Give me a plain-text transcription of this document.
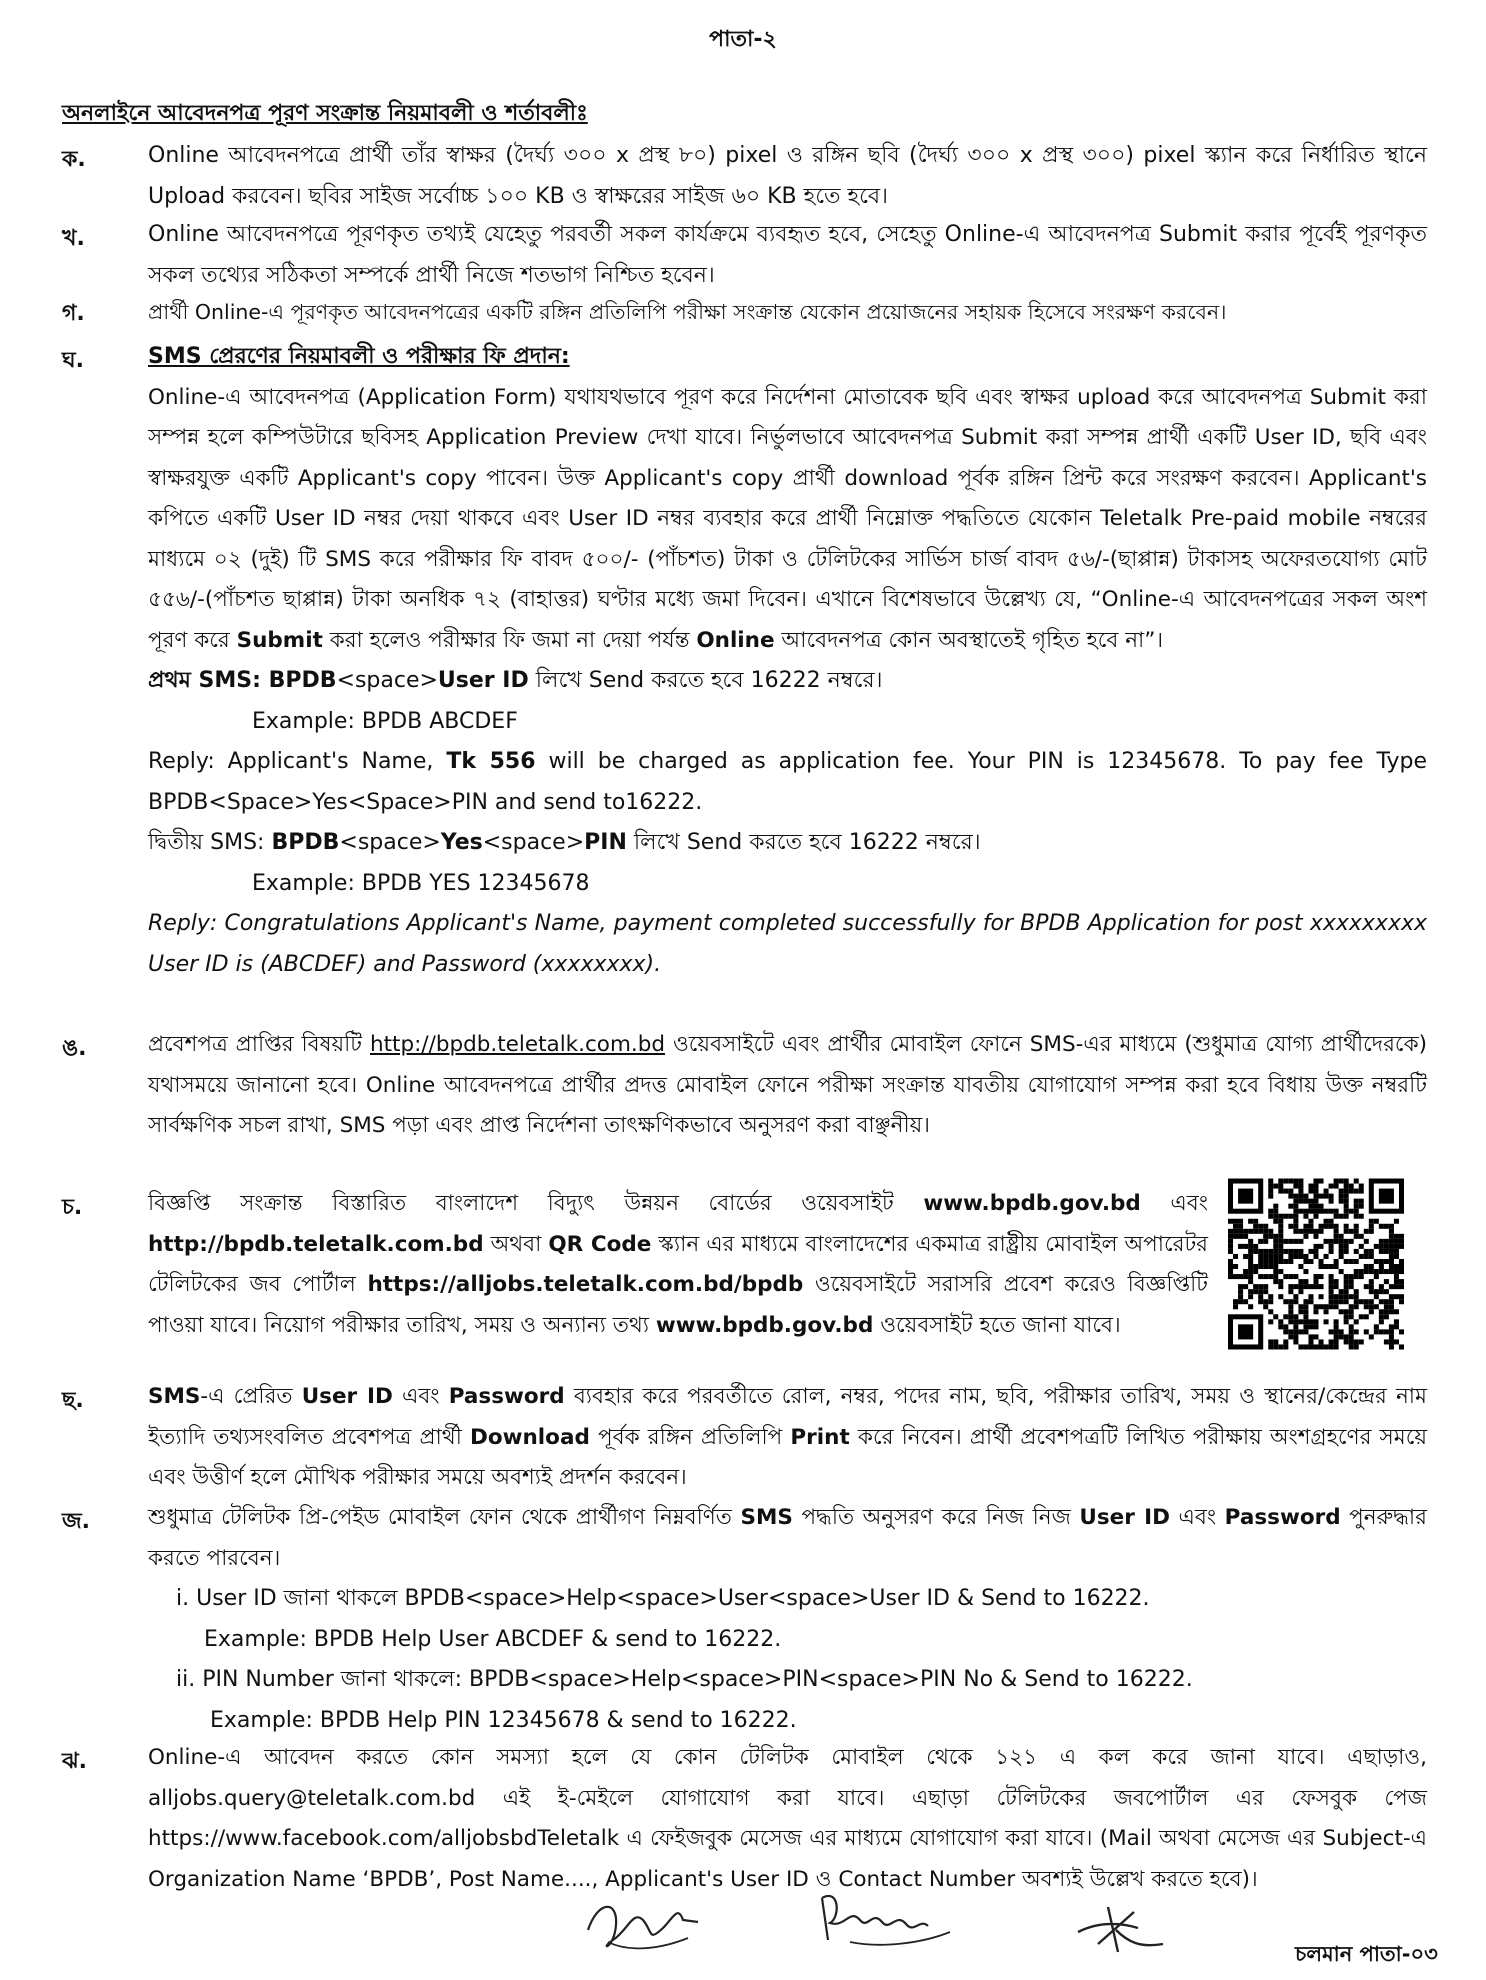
পাতা-২
অনলাইনে আবেদনপত্র পূরণ সংক্রান্ত নিয়মাবলী ও শর্তাবলীঃ
ক.	Online আবেদনপত্রে প্রার্থী তাঁর স্বাক্ষর (দৈর্ঘ্য ৩০০ x প্রস্থ ৮০) pixel ও রঙ্গিন ছবি (দৈর্ঘ্য ৩০০ x প্রস্থ ৩০০) pixel স্ক্যান করে নির্ধারিত স্থানে Upload করবেন। ছবির সাইজ সর্বোচ্চ ১০০ KB ও স্বাক্ষরের সাইজ ৬০ KB হতে হবে।

খ.	Online আবেদনপত্রে পূরণকৃত তথ্যই যেহেতু পরবর্তী সকল কার্যক্রমে ব্যবহৃত হবে, সেহেতু Online-এ আবেদনপত্র Submit করার পূর্বেই পূরণকৃত সকল তথ্যের সঠিকতা সম্পর্কে প্রার্থী নিজে শতভাগ নিশ্চিত হবেন।

গ.	প্রার্থী Online-এ পূরণকৃত আবেদনপত্রের একটি রঙ্গিন প্রতিলিপি পরীক্ষা সংক্রান্ত যেকোন প্রয়োজনের সহায়ক হিসেবে সংরক্ষণ করবেন।

ঘ.	SMS প্রেরণের নিয়মাবলী ও পরীক্ষার ফি প্রদান:

Online-এ আবেদনপত্র (Application Form) যথাযথভাবে পূরণ করে নির্দেশনা মোতাবেক ছবি এবং স্বাক্ষর upload করে আবেদনপত্র Submit করা সম্পন্ন হলে কম্পিউটারে ছবিসহ Application Preview দেখা যাবে। নির্ভুলভাবে আবেদনপত্র Submit করা সম্পন্ন প্রার্থী একটি User ID, ছবি এবং স্বাক্ষরযুক্ত একটি Applicant's copy পাবেন। উক্ত Applicant's copy প্রার্থী download পূর্বক রঙ্গিন প্রিন্ট করে সংরক্ষণ করবেন। Applicant's কপিতে একটি User ID নম্বর দেয়া থাকবে এবং User ID নম্বর ব্যবহার করে প্রার্থী নিম্নোক্ত পদ্ধতিতে যেকোন Teletalk Pre-paid mobile নম্বরের মাধ্যমে ০২ (দুই) টি SMS করে পরীক্ষার ফি বাবদ ৫০০/- (পাঁচশত) টাকা ও টেলিটকের সার্ভিস চার্জ বাবদ ৫৬/-(ছাপ্পান্ন) টাকাসহ অফেরতযোগ্য মোট ৫৫৬/-(পাঁচশত ছাপ্পান্ন) টাকা অনধিক ৭২ (বাহাত্তর) ঘণ্টার মধ্যে জমা দিবেন। এখানে বিশেষভাবে উল্লেখ্য যে, “Online-এ আবেদনপত্রের সকল অংশ পূরণ করে Submit করা হলেও পরীক্ষার ফি জমা না দেয়া পর্যন্ত Online আবেদনপত্র কোন অবস্থাতেই গৃহিত হবে না”।

প্রথম SMS: BPDB<space>User ID লিখে Send করতে হবে 16222 নম্বরে।

Example: BPDB ABCDEF

Reply: Applicant's Name, Tk 556 will be charged as application fee. Your PIN is 12345678. To pay fee Type BPDB<Space>Yes<Space>PIN and send to16222.

দ্বিতীয় SMS: BPDB<space>Yes<space>PIN লিখে Send করতে হবে 16222 নম্বরে।

Example: BPDB YES 12345678

Reply: Congratulations Applicant's Name, payment completed successfully for BPDB Application for post xxxxxxxxx User ID is (ABCDEF) and Password (xxxxxxxx).

ঙ.	প্রবেশপত্র প্রাপ্তির বিষয়টি http://bpdb.teletalk.com.bd ওয়েবসাইটে এবং প্রার্থীর মোবাইল ফোনে SMS-এর মাধ্যমে (শুধুমাত্র যোগ্য প্রার্থীদেরকে) যথাসময়ে জানানো হবে। Online আবেদনপত্রে প্রার্থীর প্রদত্ত মোবাইল ফোনে পরীক্ষা সংক্রান্ত যাবতীয় যোগাযোগ সম্পন্ন করা হবে বিধায় উক্ত নম্বরটি সার্বক্ষণিক সচল রাখা, SMS পড়া এবং প্রাপ্ত নির্দেশনা তাৎক্ষণিকভাবে অনুসরণ করা বাঞ্ছনীয়।

চ.	বিজ্ঞপ্তি সংক্রান্ত বিস্তারিত বাংলাদেশ বিদ্যুৎ উন্নয়ন বোর্ডের ওয়েবসাইট www.bpdb.gov.bd এবং http://bpdb.teletalk.com.bd অথবা QR Code স্ক্যান এর মাধ্যমে বাংলাদেশের একমাত্র রাষ্ট্রীয় মোবাইল অপারেটর টেলিটকের জব পোর্টাল https://alljobs.teletalk.com.bd/bpdb ওয়েবসাইটে সরাসরি প্রবেশ করেও বিজ্ঞপ্তিটি পাওয়া যাবে। নিয়োগ পরীক্ষার তারিখ, সময় ও অন্যান্য তথ্য www.bpdb.gov.bd ওয়েবসাইট হতে জানা যাবে।

ছ.	SMS-এ প্রেরিত User ID এবং Password ব্যবহার করে পরবর্তীতে রোল, নম্বর, পদের নাম, ছবি, পরীক্ষার তারিখ, সময় ও স্থানের/কেন্দ্রের নাম ইত্যাদি তথ্যসংবলিত প্রবেশপত্র প্রার্থী Download পূর্বক রঙ্গিন প্রতিলিপি Print করে নিবেন। প্রার্থী প্রবেশপত্রটি লিখিত পরীক্ষায় অংশগ্রহণের সময়ে এবং উত্তীর্ণ হলে মৌখিক পরীক্ষার সময়ে অবশ্যই প্রদর্শন করবেন।

জ.	শুধুমাত্র টেলিটক প্রি-পেইড মোবাইল ফোন থেকে প্রার্থীগণ নিম্নবর্ণিত SMS পদ্ধতি অনুসরণ করে নিজ নিজ User ID এবং Password পুনরুদ্ধার করতে পারবেন।

i. User ID জানা থাকলে BPDB<space>Help<space>User<space>User ID & Send to 16222.

Example: BPDB Help User ABCDEF & send to 16222.

ii. PIN Number জানা থাকলে: BPDB<space>Help<space>PIN<space>PIN No & Send to 16222.

Example: BPDB Help PIN 12345678 & send to 16222.

ঝ.	Online-এ আবেদন করতে কোন সমস্যা হলে যে কোন টেলিটক মোবাইল থেকে ১২১ এ কল করে জানা যাবে। এছাড়াও, alljobs.query@teletalk.com.bd এই ই-মেইলে যোগাযোগ করা যাবে। এছাড়া টেলিটকের জবপোর্টাল এর ফেসবুক পেজ https://www.facebook.com/alljobsbdTeletalk এ ফেইজবুক মেসেজ এর মাধ্যমে যোগাযোগ করা যাবে। (Mail অথবা মেসেজ এর Subject-এ Organization Name ‘BPDB’, Post Name...., Applicant's User ID ও Contact Number অবশ্যই উল্লেখ করতে হবে)।

চলমান পাতা-০৩
